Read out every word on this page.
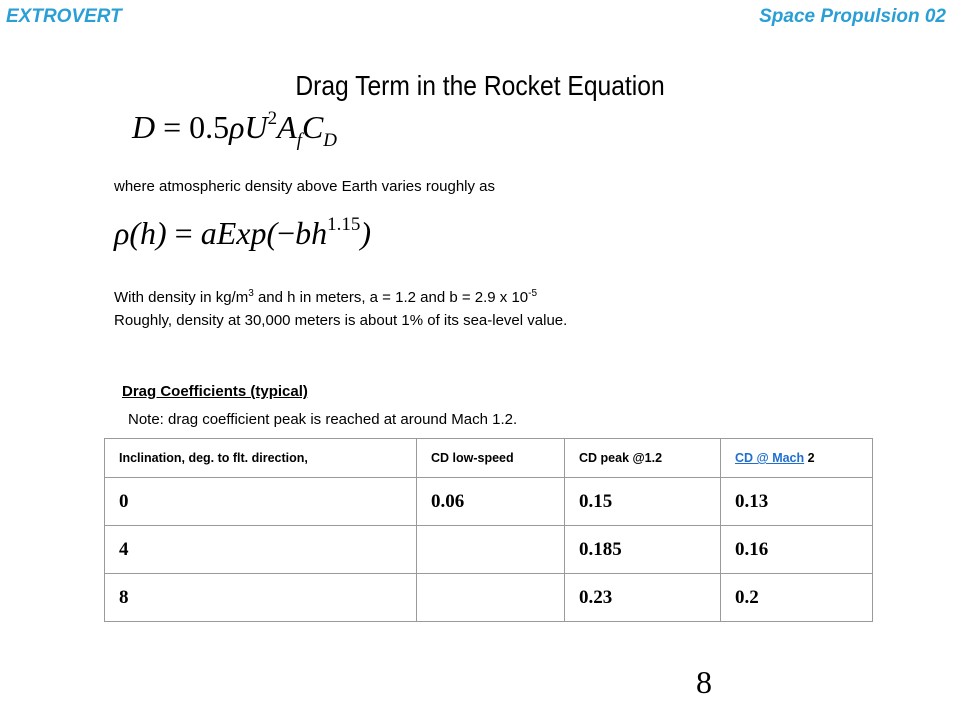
EXTROVERT	Space Propulsion 02
Drag Term in the Rocket Equation
$D = 0.5\rho U^2A_fC_D$
where atmospheric density above Earth varies roughly as
$\rho(h) = aExp(-bh^{1.15})$
With density in $kg/m^3$ and h in meters, a = 1.2 and b = 2.9 x $10^{-5}$
Roughly, density at 30,000 meters is about 1% of its sea-level value.
Drag Coefficients (typical)
Note: drag coefficient peak is reached at around Mach 1.2.
Inclination, deg. to flt. direction,	CD low-speed	CD peak @1.2	CD @ Mach 2
0	0.06	0.15	0.13
4		0.185	0.16
8		0.23	0.2
8
